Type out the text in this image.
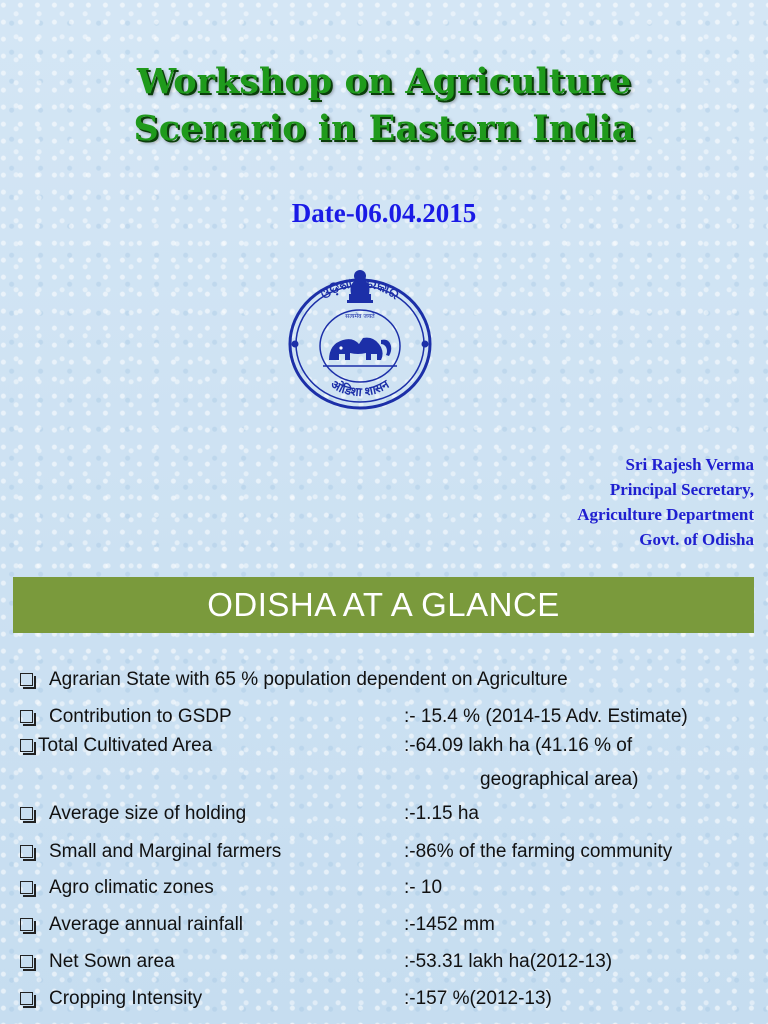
Workshop on Agriculture
Scenario in Eastern India
Date-06.04.2015
ଓଡ଼ିଶା ସରକାର
सत्यमेव जयते
ओडिशा शासन
Sri Rajesh Verma
Principal Secretary,
Agriculture Department
Govt. of Odisha
ODISHA AT A GLANCE
Agrarian State with 65 % population dependent on Agriculture
Contribution to GSDP	:- 15.4 % (2014-15 Adv. Estimate)
Total Cultivated Area	:-64.09 lakh ha (41.16 % of
geographical area)
Average size of holding	:-1.15 ha
Small and Marginal farmers	:-86% of the farming community
Agro climatic zones	:- 10
Average annual rainfall	:-1452 mm
Net Sown area	:-53.31 lakh ha(2012-13)
Cropping Intensity	:-157 %(2012-13)
